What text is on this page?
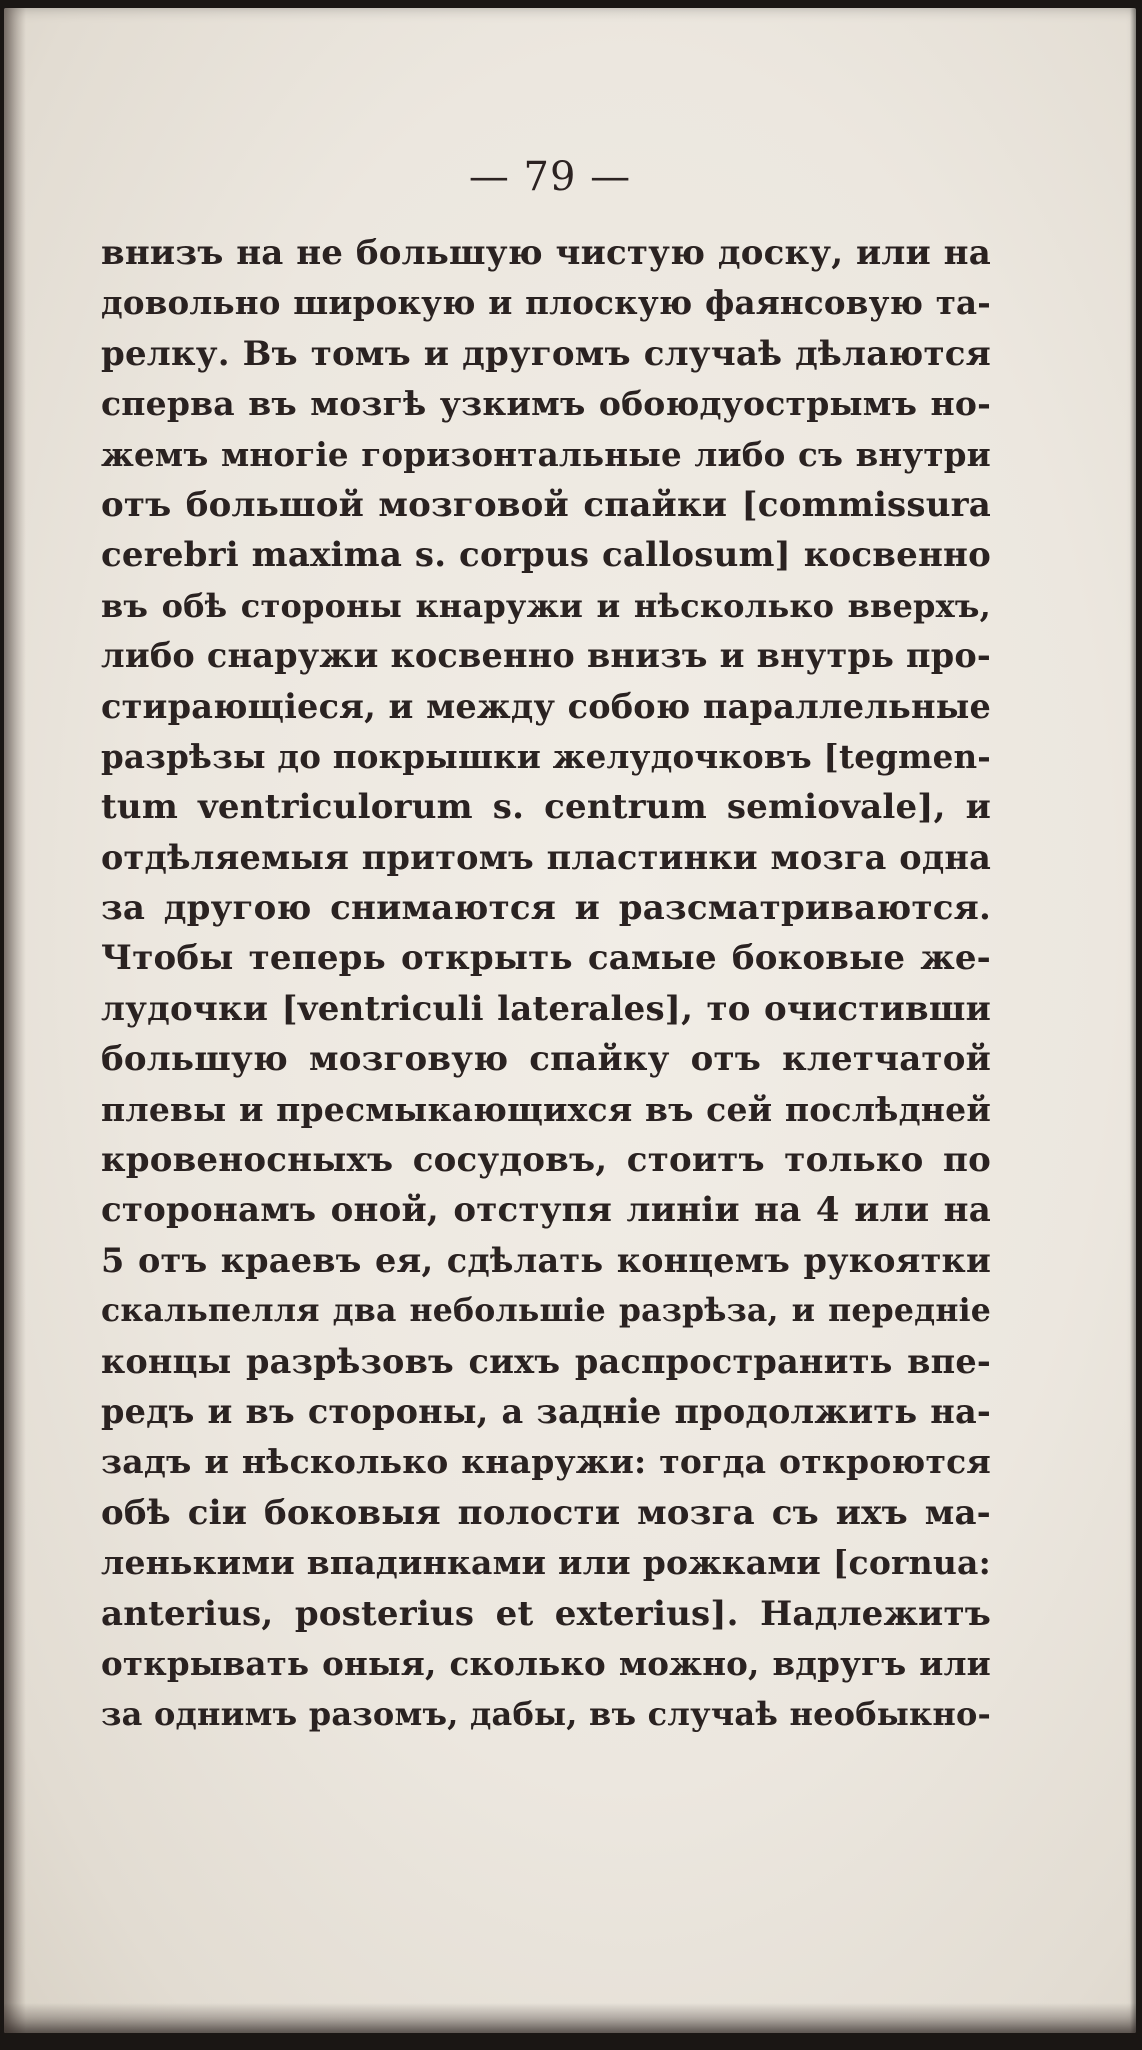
— 79 —
внизъ на не большую чистую доску, или на
довольно широкую и плоскую фаянсовую та-
релку. Въ томъ и другомъ случаѣ дѣлаются
сперва въ мозгѣ узкимъ обоюдуострымъ но-
жемъ многіе горизонтальные либо съ внутри
отъ большой мозговой спайки [commissura
cerebri maxima s. corpus callosum] косвенно
въ обѣ стороны кнаружи и нѣсколько вверхъ,
либо снаружи косвенно внизъ и внутрь про-
стирающіеся, и между собою параллельные
разрѣзы до покрышки желудочковъ [tegmen-
tum ventriculorum s. centrum semiovale], и
отдѣляемыя притомъ пластинки мозга одна
за другою снимаются и разсматриваются.
Чтобы теперь открыть самые боковые же-
лудочки [ventriculi laterales], то очистивши
большую мозговую спайку отъ клетчатой
плевы и пресмыкающихся въ сей послѣдней
кровеносныхъ сосудовъ, стоитъ только по
сторонамъ оной, отступя линіи на 4 или на
5 отъ краевъ ея, сдѣлать концемъ рукоятки
скальпелля два небольшіе разрѣза, и передніе
концы разрѣзовъ сихъ распространить впе-
редъ и въ стороны, а задніе продолжить на-
задъ и нѣсколько кнаружи: тогда откроются
обѣ сіи боковыя полости мозга съ ихъ ма-
ленькими впадинками или рожками [cornua:
anterius, posterius et exterius]. Надлежитъ
открывать оныя, сколько можно, вдругъ или
за однимъ разомъ, дабы, въ случаѣ необыкно-
